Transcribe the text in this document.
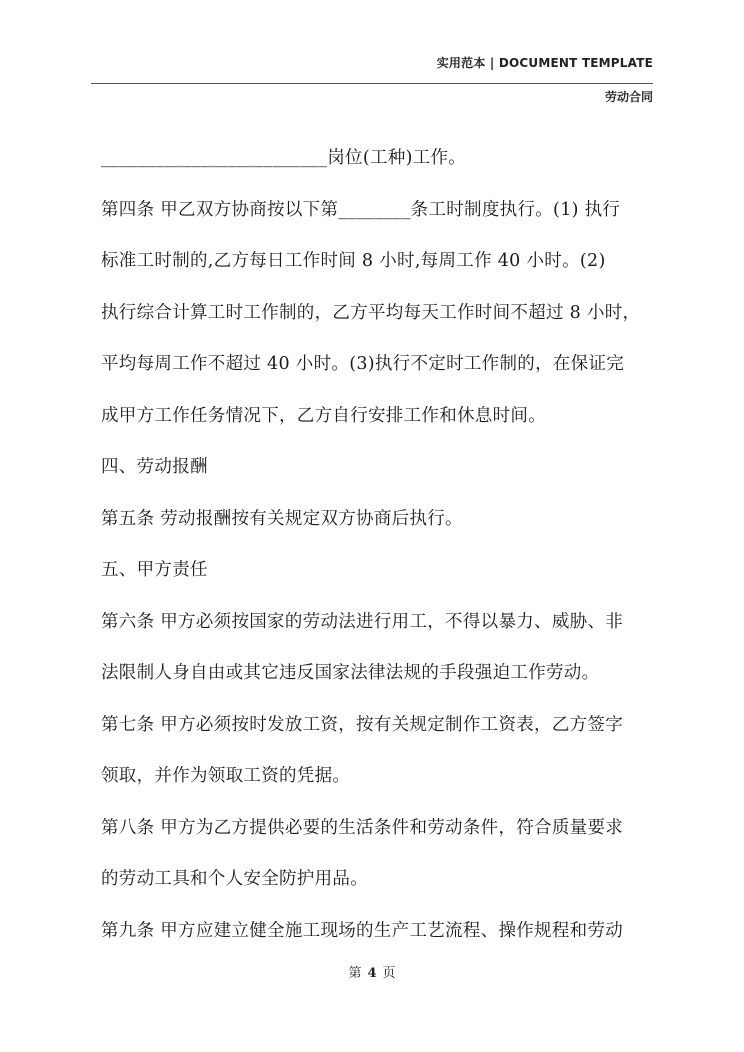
实用范本 | DOCUMENT TEMPLATE
劳动合同
_________________________岗位(工种)工作。
第四条 甲乙双方协商按以下第________条工时制度执行。(1) 执行
标准工时制的,乙方每日工作时间 8 小时,每周工作 40 小时。(2)
执行综合计算工时工作制的，乙方平均每天工作时间不超过 8 小时，
平均每周工作不超过 40 小时。(3)执行不定时工作制的，在保证完
成甲方工作任务情况下，乙方自行安排工作和休息时间。
四、劳动报酬
第五条 劳动报酬按有关规定双方协商后执行。
五、甲方责任
第六条 甲方必须按国家的劳动法进行用工，不得以暴力、威胁、非
法限制人身自由或其它违反国家法律法规的手段强迫工作劳动。
第七条 甲方必须按时发放工资，按有关规定制作工资表，乙方签字
领取，并作为领取工资的凭据。
第八条 甲方为乙方提供必要的生活条件和劳动条件，符合质量要求
的劳动工具和个人安全防护用品。
第九条 甲方应建立健全施工现场的生产工艺流程、操作规程和劳动
第 4 页
